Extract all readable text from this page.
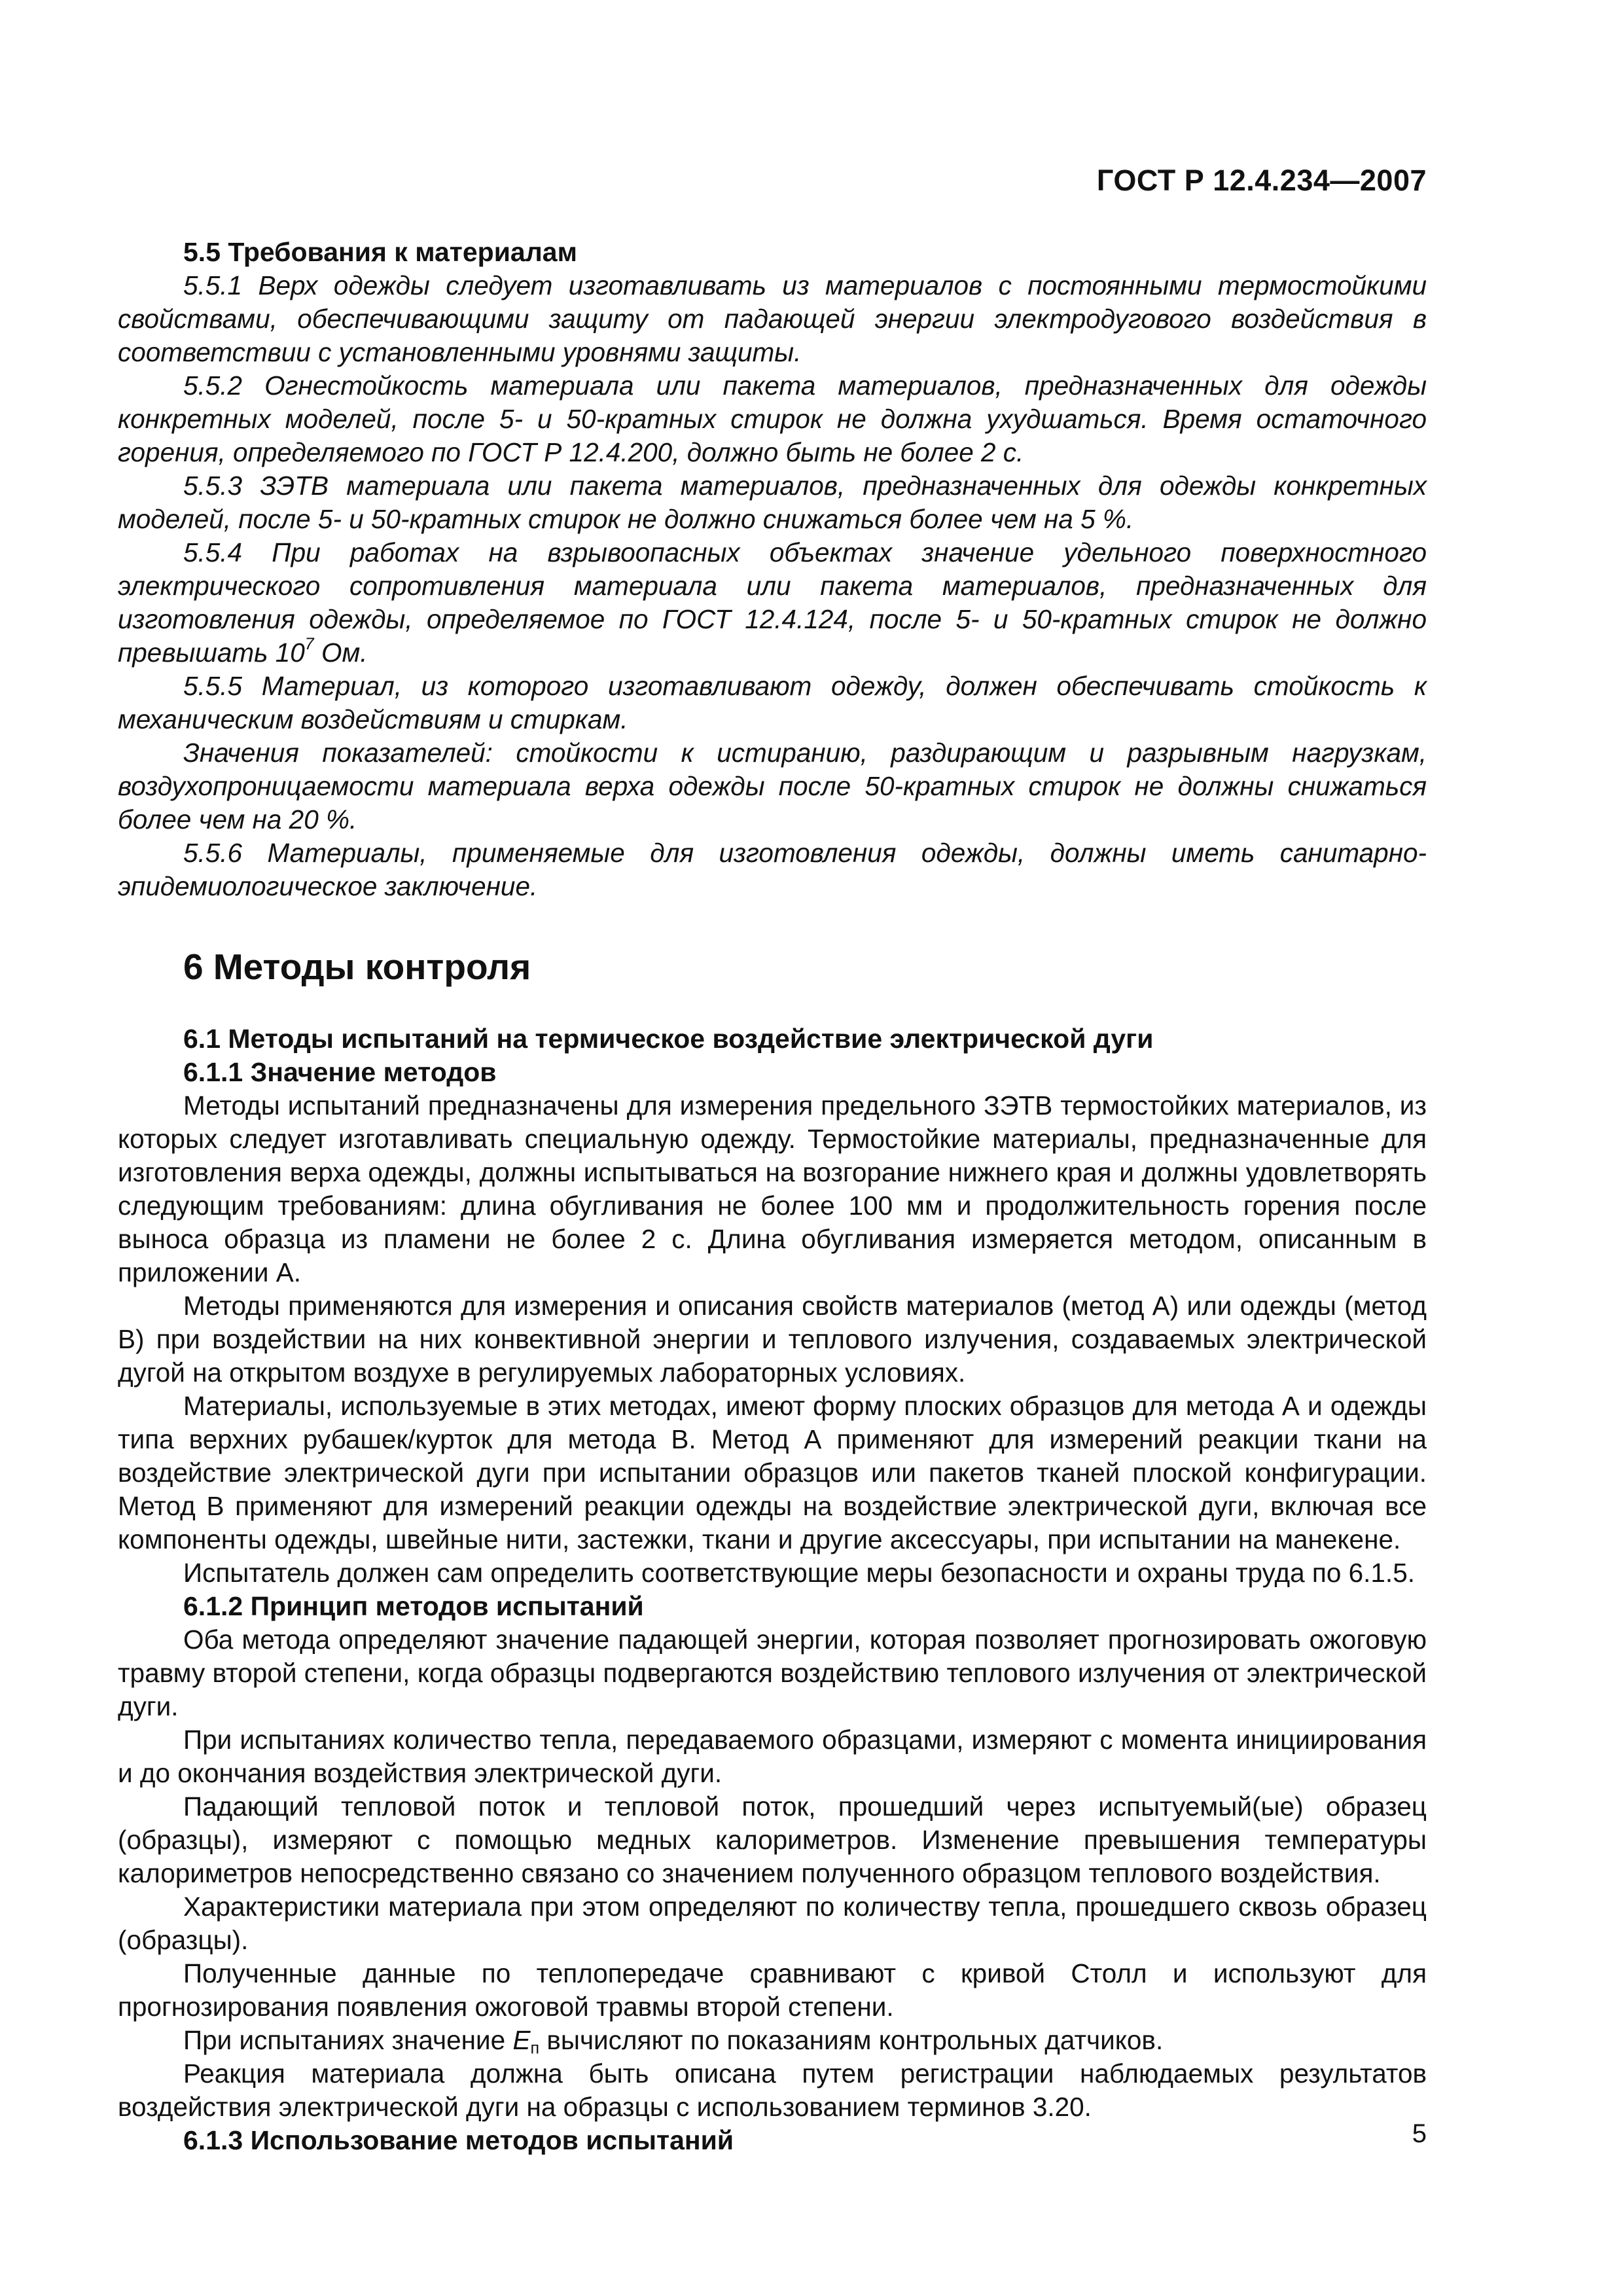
ГОСТ Р 12.4.234—2007

5.5 Требования к материалам

5.5.1 Верх одежды следует изготавливать из материалов с постоянными термостойкими свойствами, обеспечивающими защиту от падающей энергии электродугового воздействия в соответствии с установленными уровнями защиты.

5.5.2 Огнестойкость материала или пакета материалов, предназначенных для одежды конкретных моделей, после 5- и 50-кратных стирок не должна ухудшаться. Время остаточного горения, определяемого по ГОСТ Р 12.4.200, должно быть не более 2 с.

5.5.3 ЗЭТВ материала или пакета материалов, предназначенных для одежды конкретных моделей, после 5- и 50-кратных стирок не должно снижаться более чем на 5 %.

5.5.4 При работах на взрывоопасных объектах значение удельного поверхностного электрического сопротивления материала или пакета материалов, предназначенных для изготовления одежды, определяемое по ГОСТ 12.4.124, после 5- и 50-кратных стирок не должно превышать $10^7$ Ом.

5.5.5 Материал, из которого изготавливают одежду, должен обеспечивать стойкость к механическим воздействиям и стиркам.

Значения показателей: стойкости к истиранию, раздирающим и разрывным нагрузкам, воздухопроницаемости материала верха одежды после 50-кратных стирок не должны снижаться более чем на 20 %.

5.5.6 Материалы, применяемые для изготовления одежды, должны иметь санитарно-эпидемиологическое заключение.

6 Методы контроля

6.1 Методы испытаний на термическое воздействие электрической дуги

6.1.1 Значение методов

Методы испытаний предназначены для измерения предельного ЗЭТВ термостойких материалов, из которых следует изготавливать специальную одежду. Термостойкие материалы, предназначенные для изготовления верха одежды, должны испытываться на возгорание нижнего края и должны удовлетворять следующим требованиям: длина обугливания не более 100 мм и продолжительность горения после выноса образца из пламени не более 2 с. Длина обугливания измеряется методом, описанным в приложении А.

Методы применяются для измерения и описания свойств материалов (метод А) или одежды (метод В) при воздействии на них конвективной энергии и теплового излучения, создаваемых электрической дугой на открытом воздухе в регулируемых лабораторных условиях.

Материалы, используемые в этих методах, имеют форму плоских образцов для метода А и одежды типа верхних рубашек/курток для метода В. Метод А применяют для измерений реакции ткани на воздействие электрической дуги при испытании образцов или пакетов тканей плоской конфигурации. Метод В применяют для измерений реакции одежды на воздействие электрической дуги, включая все компоненты одежды, швейные нити, застежки, ткани и другие аксессуары, при испытании на манекене.

Испытатель должен сам определить соответствующие меры безопасности и охраны труда по 6.1.5.

6.1.2 Принцип методов испытаний

Оба метода определяют значение падающей энергии, которая позволяет прогнозировать ожоговую травму второй степени, когда образцы подвергаются воздействию теплового излучения от электрической дуги.

При испытаниях количество тепла, передаваемого образцами, измеряют с момента инициирования и до окончания воздействия электрической дуги.

Падающий тепловой поток и тепловой поток, прошедший через испытуемый(ые) образец (образцы), измеряют с помощью медных калориметров. Изменение превышения температуры калориметров непосредственно связано со значением полученного образцом теплового воздействия.

Характеристики материала при этом определяют по количеству тепла, прошедшего сквозь образец (образцы).

Полученные данные по теплопередаче сравнивают с кривой Столл и используют для прогнозирования появления ожоговой травмы второй степени.

При испытаниях значение $E_п$ вычисляют по показаниям контрольных датчиков.

Реакция материала должна быть описана путем регистрации наблюдаемых результатов воздействия электрической дуги на образцы с использованием терминов 3.20.

6.1.3 Использование методов испытаний	5
